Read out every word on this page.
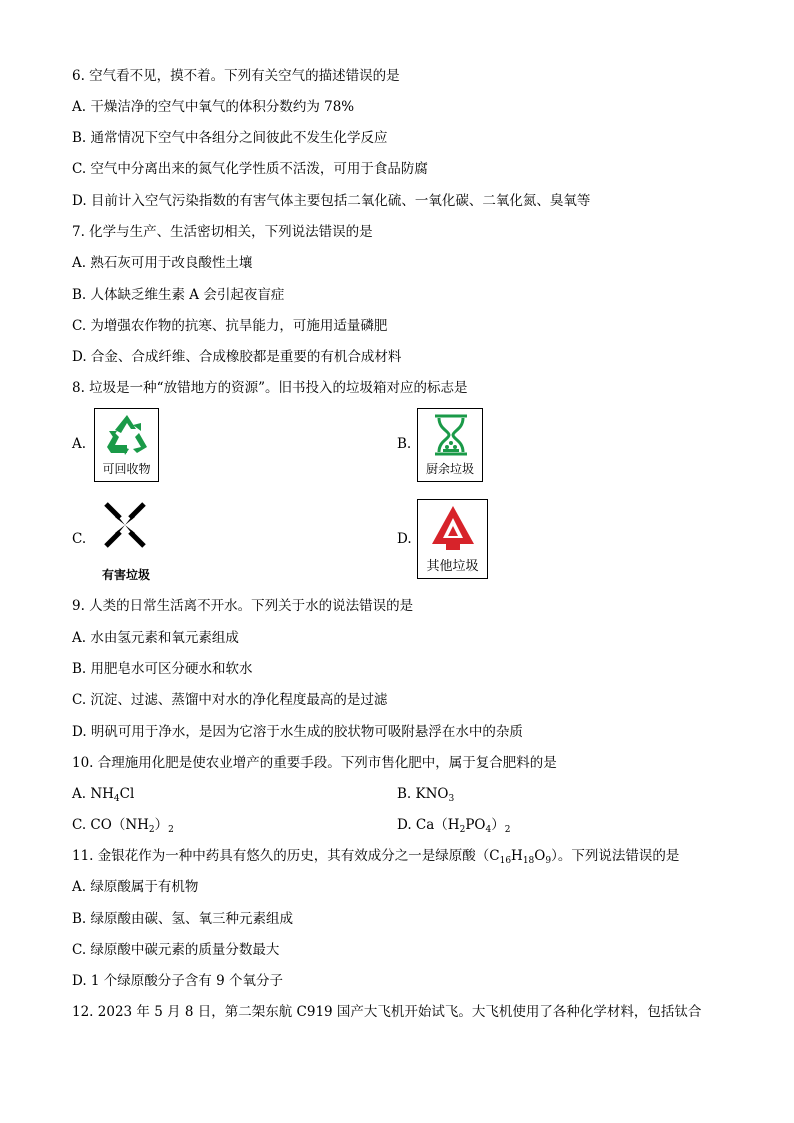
6. 空气看不见，摸不着。下列有关空气的描述错误的是
A. 干燥洁净的空气中氧气的体积分数约为 78%
B. 通常情况下空气中各组分之间彼此不发生化学反应
C. 空气中分离出来的氮气化学性质不活泼，可用于食品防腐
D. 目前计入空气污染指数的有害气体主要包括二氧化硫、一氧化碳、二氧化氮、臭氧等
7. 化学与生产、生活密切相关，下列说法错误的是
A. 熟石灰可用于改良酸性土壤
B. 人体缺乏维生素 A 会引起夜盲症
C. 为增强农作物的抗寒、抗旱能力，可施用适量磷肥
D. 合金、合成纤维、合成橡胶都是重要的有机合成材料
8. 垃圾是一种“放错地方的资源”。旧书投入的垃圾箱对应的标志是
A.
可回收物
B.
厨余垃圾
C.
有害垃圾
D.
其他垃圾
9. 人类的日常生活离不开水。下列关于水的说法错误的是
A. 水由氢元素和氧元素组成
B. 用肥皂水可区分硬水和软水
C. 沉淀、过滤、蒸馏中对水的净化程度最高的是过滤
D. 明矾可用于净水，是因为它溶于水生成的胶状物可吸附悬浮在水中的杂质
10. 合理施用化肥是使农业增产的重要手段。下列市售化肥中，属于复合肥料的是
A. $NH_4Cl$	B. $KNO_3$
C. $CO(NH_2)_2$	D. $Ca(H_2PO_4)_2$
11. 金银花作为一种中药具有悠久的历史，其有效成分之一是绿原酸$(C_{16}H_{18}O_9)$。下列说法错误的是
A. 绿原酸属于有机物
B. 绿原酸由碳、氢、氧三种元素组成
C. 绿原酸中碳元素的质量分数最大
D. 1 个绿原酸分子含有 9 个氧分子
12. 2023 年 5 月 8 日，第二架东航 C919 国产大飞机开始试飞。大飞机使用了各种化学材料，包括钛合
